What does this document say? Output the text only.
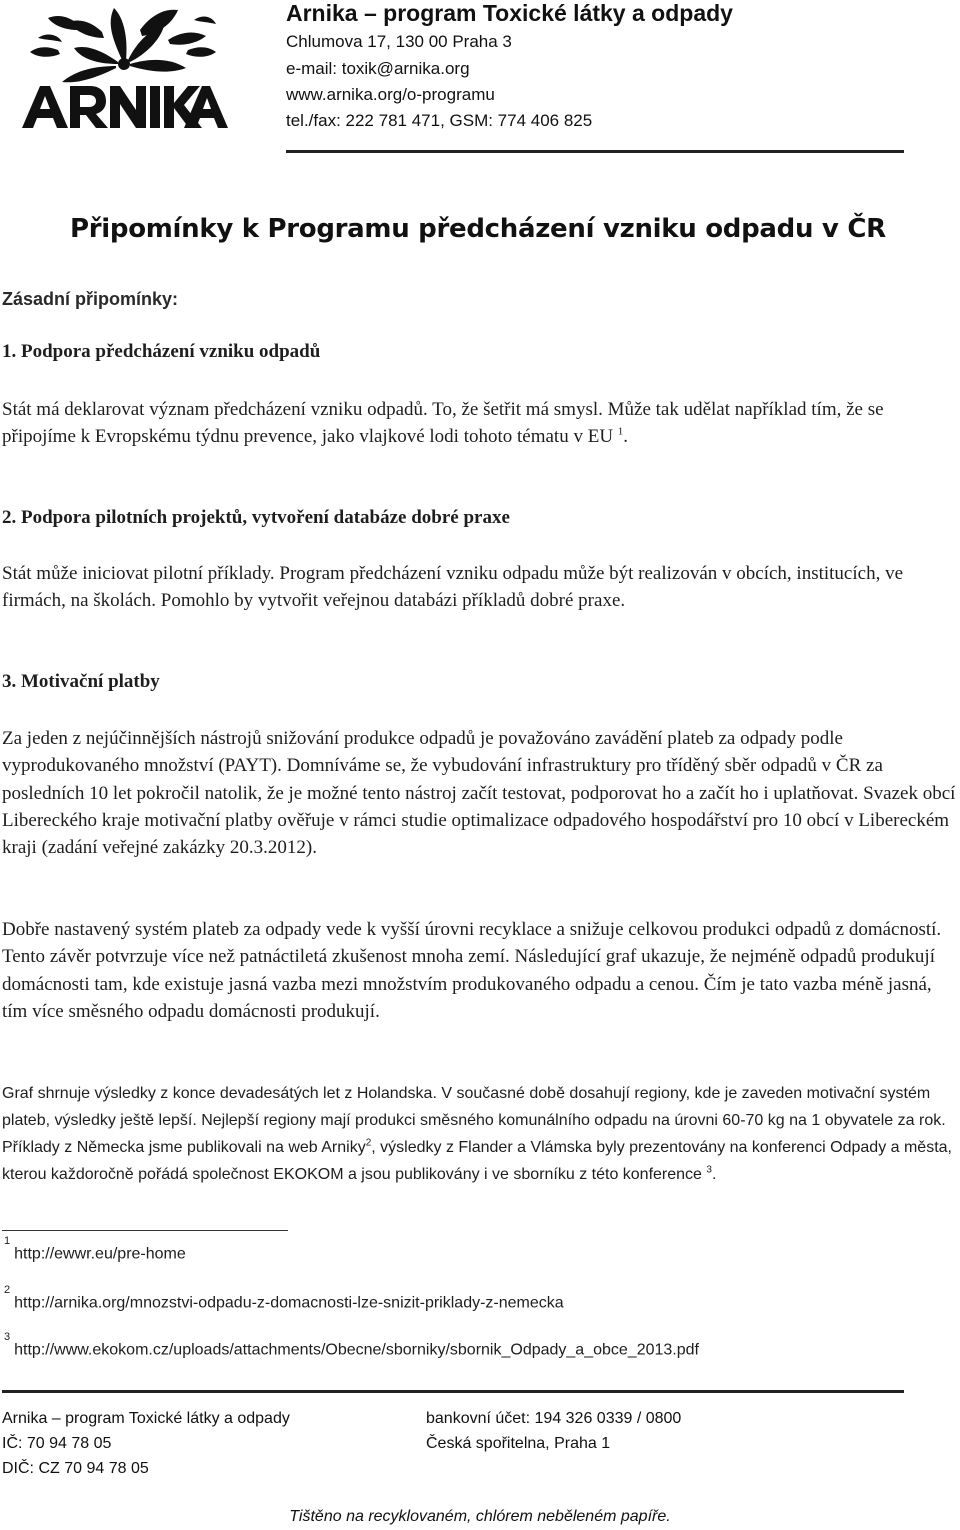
Arnika – program Toxické látky a odpady
Chlumova 17, 130 00 Praha 3
e-mail: toxik@arnika.org
www.arnika.org/o-programu
tel./fax: 222 781 471, GSM: 774 406 825
Připomínky k Programu předcházení vzniku odpadu v ČR
Zásadní připomínky:
1. Podpora předcházení vzniku odpadů
Stát má deklarovat význam předcházení vzniku odpadů. To, že šetřit má smysl. Může tak udělat například tím, že se připojíme k Evropskému týdnu prevence, jako vlajkové lodi tohoto tématu v EU $^1$.
2. Podpora pilotních projektů, vytvoření databáze dobré praxe
Stát může iniciovat pilotní příklady. Program předcházení vzniku odpadu může být realizován v obcích, institucích, ve firmách, na školách. Pomohlo by vytvořit veřejnou databázi příkladů dobré praxe.
3. Motivační platby
Za jeden z nejúčinnějších nástrojů snižování produkce odpadů je považováno zavádění plateb za odpady podle vyprodukovaného množství (PAYT). Domníváme se, že vybudování infrastruktury pro tříděný sběr odpadů v ČR za posledních 10 let pokročil natolik, že je možné tento nástroj začít testovat, podporovat ho a začít ho i uplatňovat. Svazek obcí Libereckého kraje motivační platby ověřuje v rámci studie optimalizace odpadového hospodářství pro 10 obcí v Libereckém kraji (zadání veřejné zakázky 20.3.2012).
Dobře nastavený systém plateb za odpady vede k vyšší úrovni recyklace a snižuje celkovou produkci odpadů z domácností. Tento závěr potvrzuje více než patnáctiletá zkušenost mnoha zemí. Následující graf ukazuje, že nejméně odpadů produkují domácnosti tam, kde existuje jasná vazba mezi množstvím produkovaného odpadu a cenou. Čím je tato vazba méně jasná, tím více směsného odpadu domácnosti produkují.
Graf shrnuje výsledky z konce devadesátých let z Holandska. V současné době dosahují regiony, kde je zaveden motivační systém plateb, výsledky ještě lepší. Nejlepší regiony mají produkci směsného komunálního odpadu na úrovni 60-70 kg na 1 obyvatele za rok. Příklady z Německa jsme publikovali na web Arniky$^2$, výsledky z Flander a Vlámska byly prezentovány na konferenci Odpady a města, kterou každoročně pořádá společnost EKOKOM a jsou publikovány i ve sborníku z této konference $^3$.
$^1$http://ewwr.eu/pre-home
$^2$http://arnika.org/mnozstvi-odpadu-z-domacnosti-lze-snizit-priklady-z-nemecka
$^3$http://www.ekokom.cz/uploads/attachments/Obecne/sborniky/sbornik_Odpady_a_obce_2013.pdf
Arnika – program Toxické látky a odpady
IČ: 70 94 78 05
DIČ: CZ 70 94 78 05
bankovní účet: 194 326 0339 / 0800
Česká spořitelna, Praha 1
Tištěno na recyklovaném, chlórem neběleném papíře.
